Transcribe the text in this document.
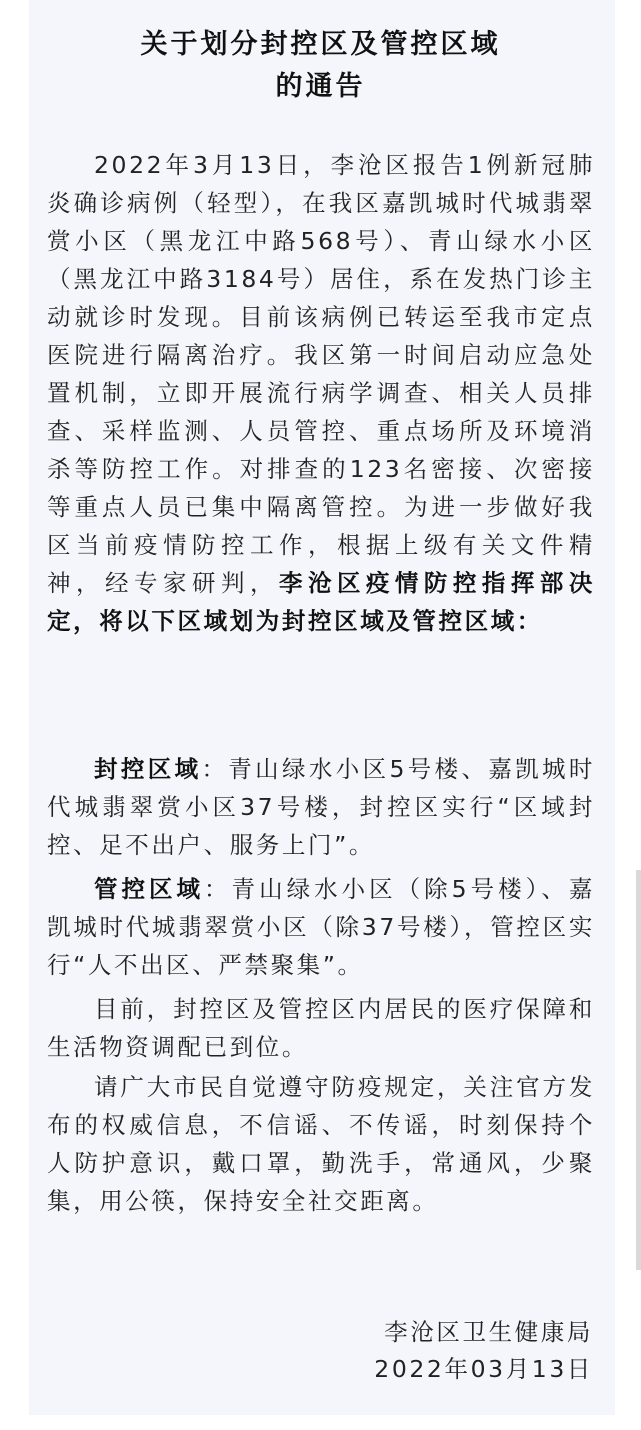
关于划分封控区及管控区域
的通告

2022年3月13日，李沧区报告1例新冠肺炎确诊病例（轻型），在我区嘉凯城时代城翡翠赏小区（黑龙江中路568号）、青山绿水小区（黑龙江中路3184号）居住，系在发热门诊主动就诊时发现。目前该病例已转运至我市定点医院进行隔离治疗。我区第一时间启动应急处置机制，立即开展流行病学调查、相关人员排查、采样监测、人员管控、重点场所及环境消杀等防控工作。对排查的123名密接、次密接等重点人员已集中隔离管控。为进一步做好我区当前疫情防控工作，根据上级有关文件精神，经专家研判，李沧区疫情防控指挥部决定，将以下区域划为封控区域及管控区域：

封控区域：青山绿水小区5号楼、嘉凯城时代城翡翠赏小区37号楼，封控区实行“区域封控、足不出户、服务上门”。

管控区域：青山绿水小区（除5号楼）、嘉凯城时代城翡翠赏小区（除37号楼），管控区实行“人不出区、严禁聚集”。

目前，封控区及管控区内居民的医疗保障和生活物资调配已到位。

请广大市民自觉遵守防疫规定，关注官方发布的权威信息，不信谣、不传谣，时刻保持个人防护意识，戴口罩，勤洗手，常通风，少聚集，用公筷，保持安全社交距离。

李沧区卫生健康局

2022年03月13日
